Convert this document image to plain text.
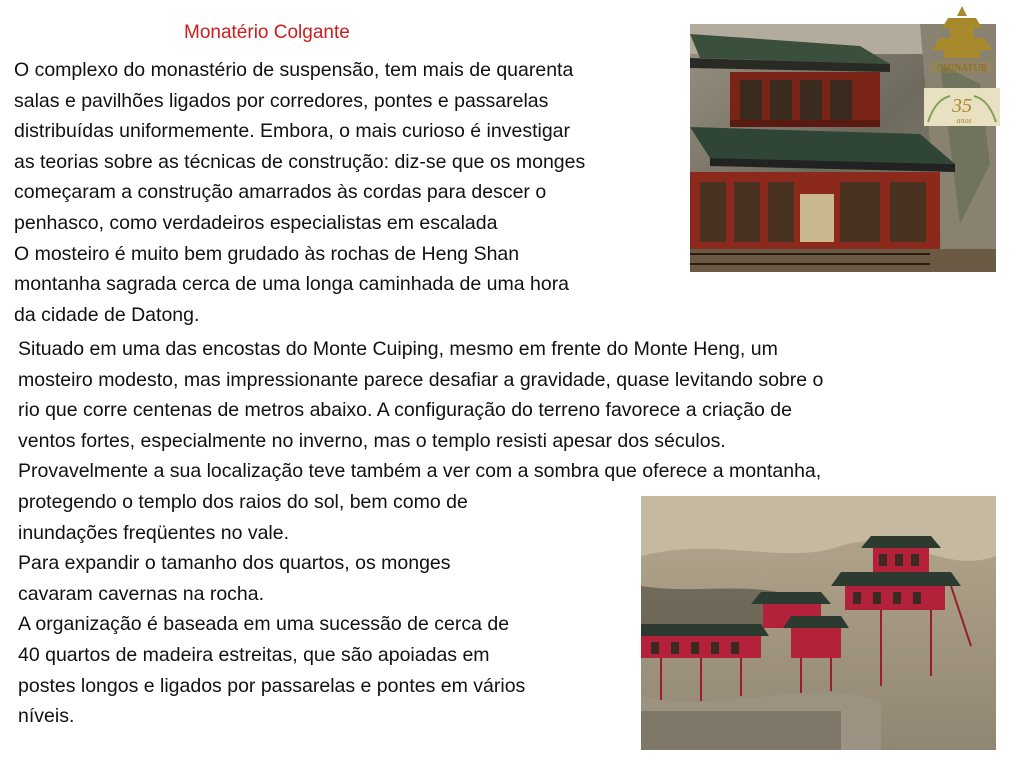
Monatério Colgante
O complexo do monastério de suspensão, tem mais de quarenta
salas e pavilhões ligados por corredores, pontes e passarelas
distribuídas uniformemente. Embora, o mais curioso é investigar
as teorias sobre as técnicas de construção: diz-se que os monges
começaram a construção amarrados às cordas para descer o
penhasco, como verdadeiros especialistas em escalada
O mosteiro é muito bem grudado às rochas de Heng Shan
montanha sagrada cerca de uma longa caminhada de uma hora
da cidade de Datong.
Situado em uma das encostas do Monte Cuiping, mesmo em frente do Monte Heng, um
mosteiro modesto, mas impressionante parece desafiar a gravidade, quase levitando sobre o
rio que corre centenas de metros abaixo. A configuração do terreno favorece a criação de
ventos fortes, especialmente no inverno, mas o templo resisti apesar dos séculos.
Provavelmente a sua localização teve também a ver com a sombra que oferece a montanha,
protegendo o templo dos raios do sol, bem como de
inundações freqüentes no vale.
Para expandir o tamanho dos quartos, os monges
cavaram cavernas na rocha.
A organização é baseada em uma sucessão de cerca de
40 quartos de madeira estreitas, que são apoiadas em
postes longos e ligados por passarelas e pontes em vários
níveis.
CHINATUR
35
anos
